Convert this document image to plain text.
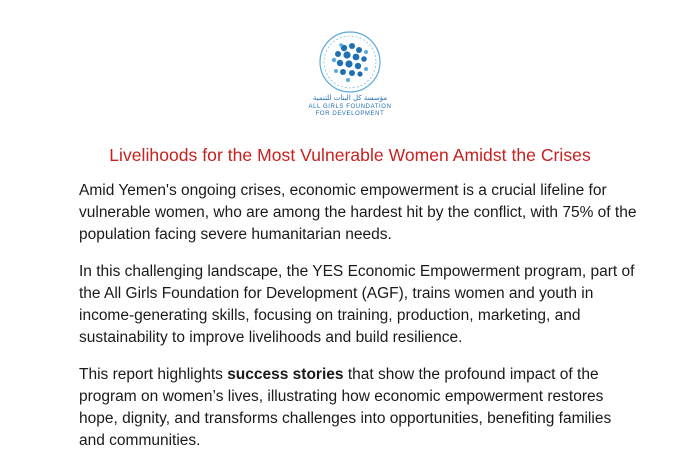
مؤسسة كل البنات للتنمية
ALL GIRLS FOUNDATION
FOR DEVELOPMENT
Livelihoods for the Most Vulnerable Women Amidst the Crises

Amid Yemen's ongoing crises, economic empowerment is a crucial lifeline for vulnerable women, who are among the hardest hit by the conflict, with 75% of the population facing severe humanitarian needs.

In this challenging landscape, the YES Economic Empowerment program, part of the All Girls Foundation for Development (AGF), trains women and youth in income-generating skills, focusing on training, production, marketing, and sustainability to improve livelihoods and build resilience.

This report highlights success stories that show the profound impact of the program on women’s lives, illustrating how economic empowerment restores hope, dignity, and transforms challenges into opportunities, benefiting families and communities.
